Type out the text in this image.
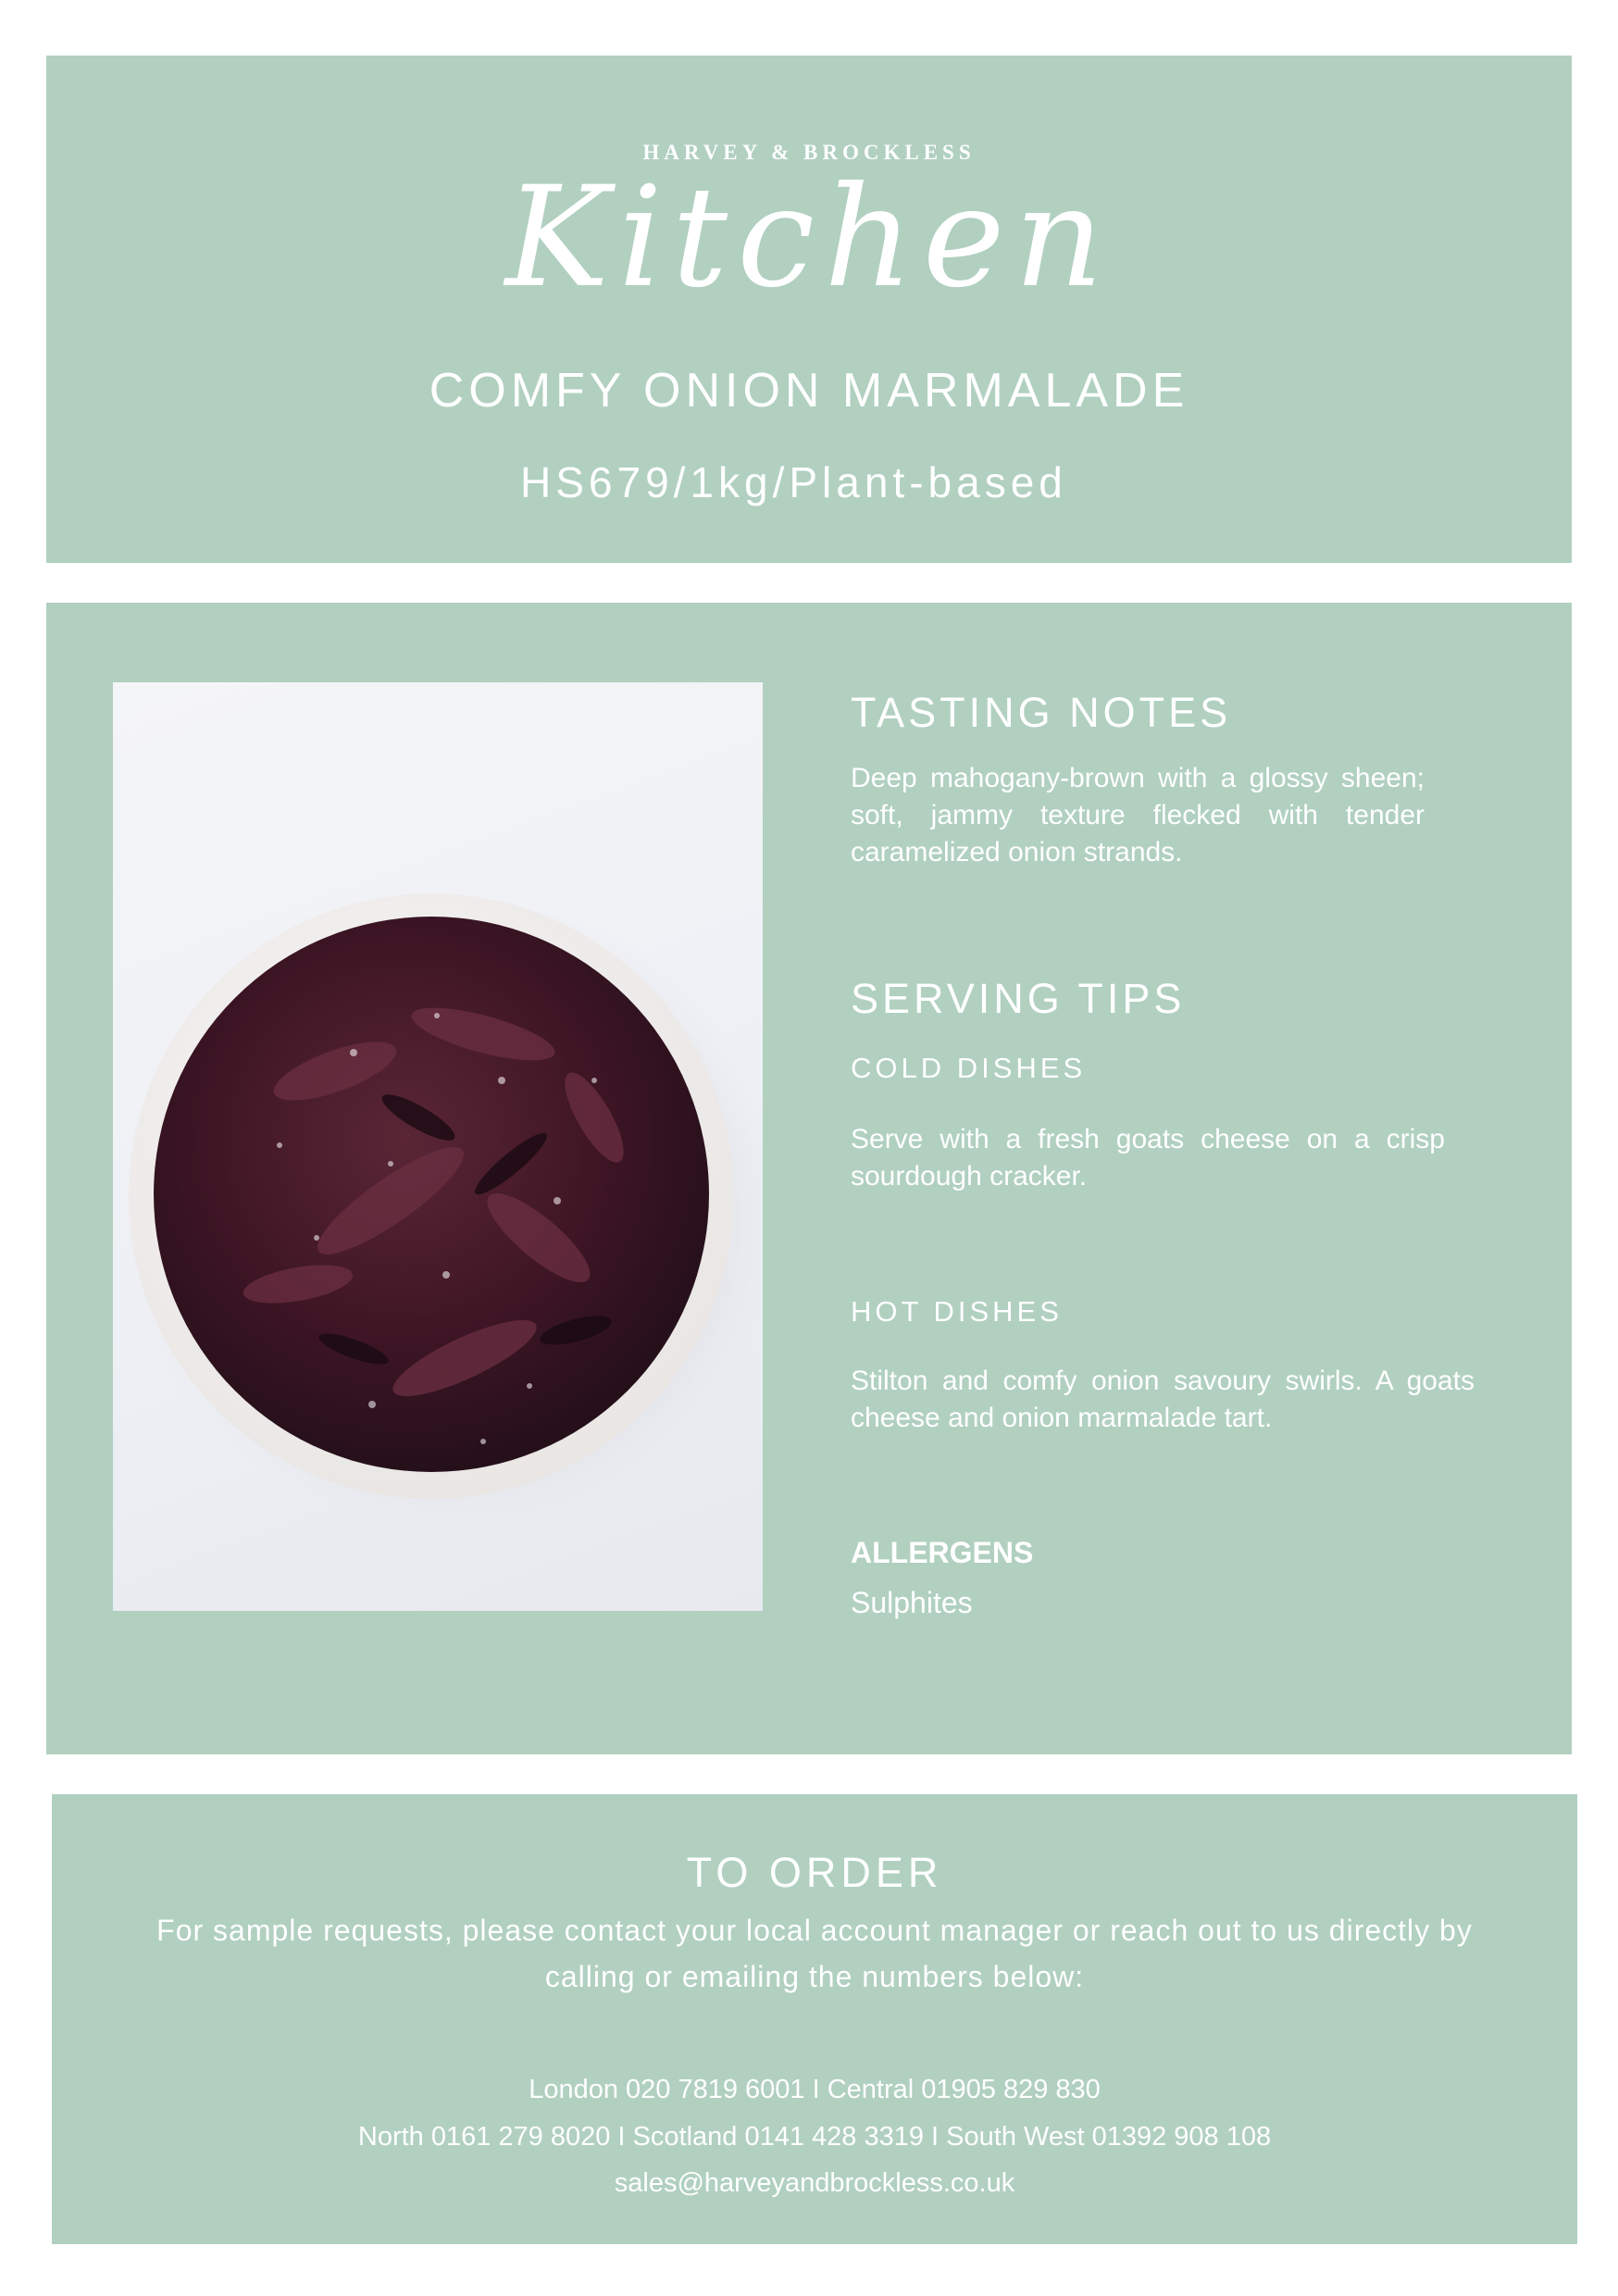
HARVEY & BROCKLESS
Kitchen
COMFY ONION MARMALADE
HS679/1kg/Plant-based
TASTING NOTES
Deep mahogany-brown with a glossy sheen; soft, jammy texture flecked with tender caramelized onion strands.
SERVING TIPS
COLD DISHES
Serve with a fresh goats cheese on a crisp sourdough cracker.
HOT DISHES
Stilton and comfy onion savoury swirls. A goats cheese and onion marmalade tart.
ALLERGENS
Sulphites
TO ORDER
For sample requests, please contact your local account manager or reach out to us directly by calling or emailing the numbers below:
London 020 7819 6001 I Central 01905 829 830
North 0161 279 8020 I Scotland 0141 428 3319 I South West 01392 908 108
sales@harveyandbrockless.co.uk
